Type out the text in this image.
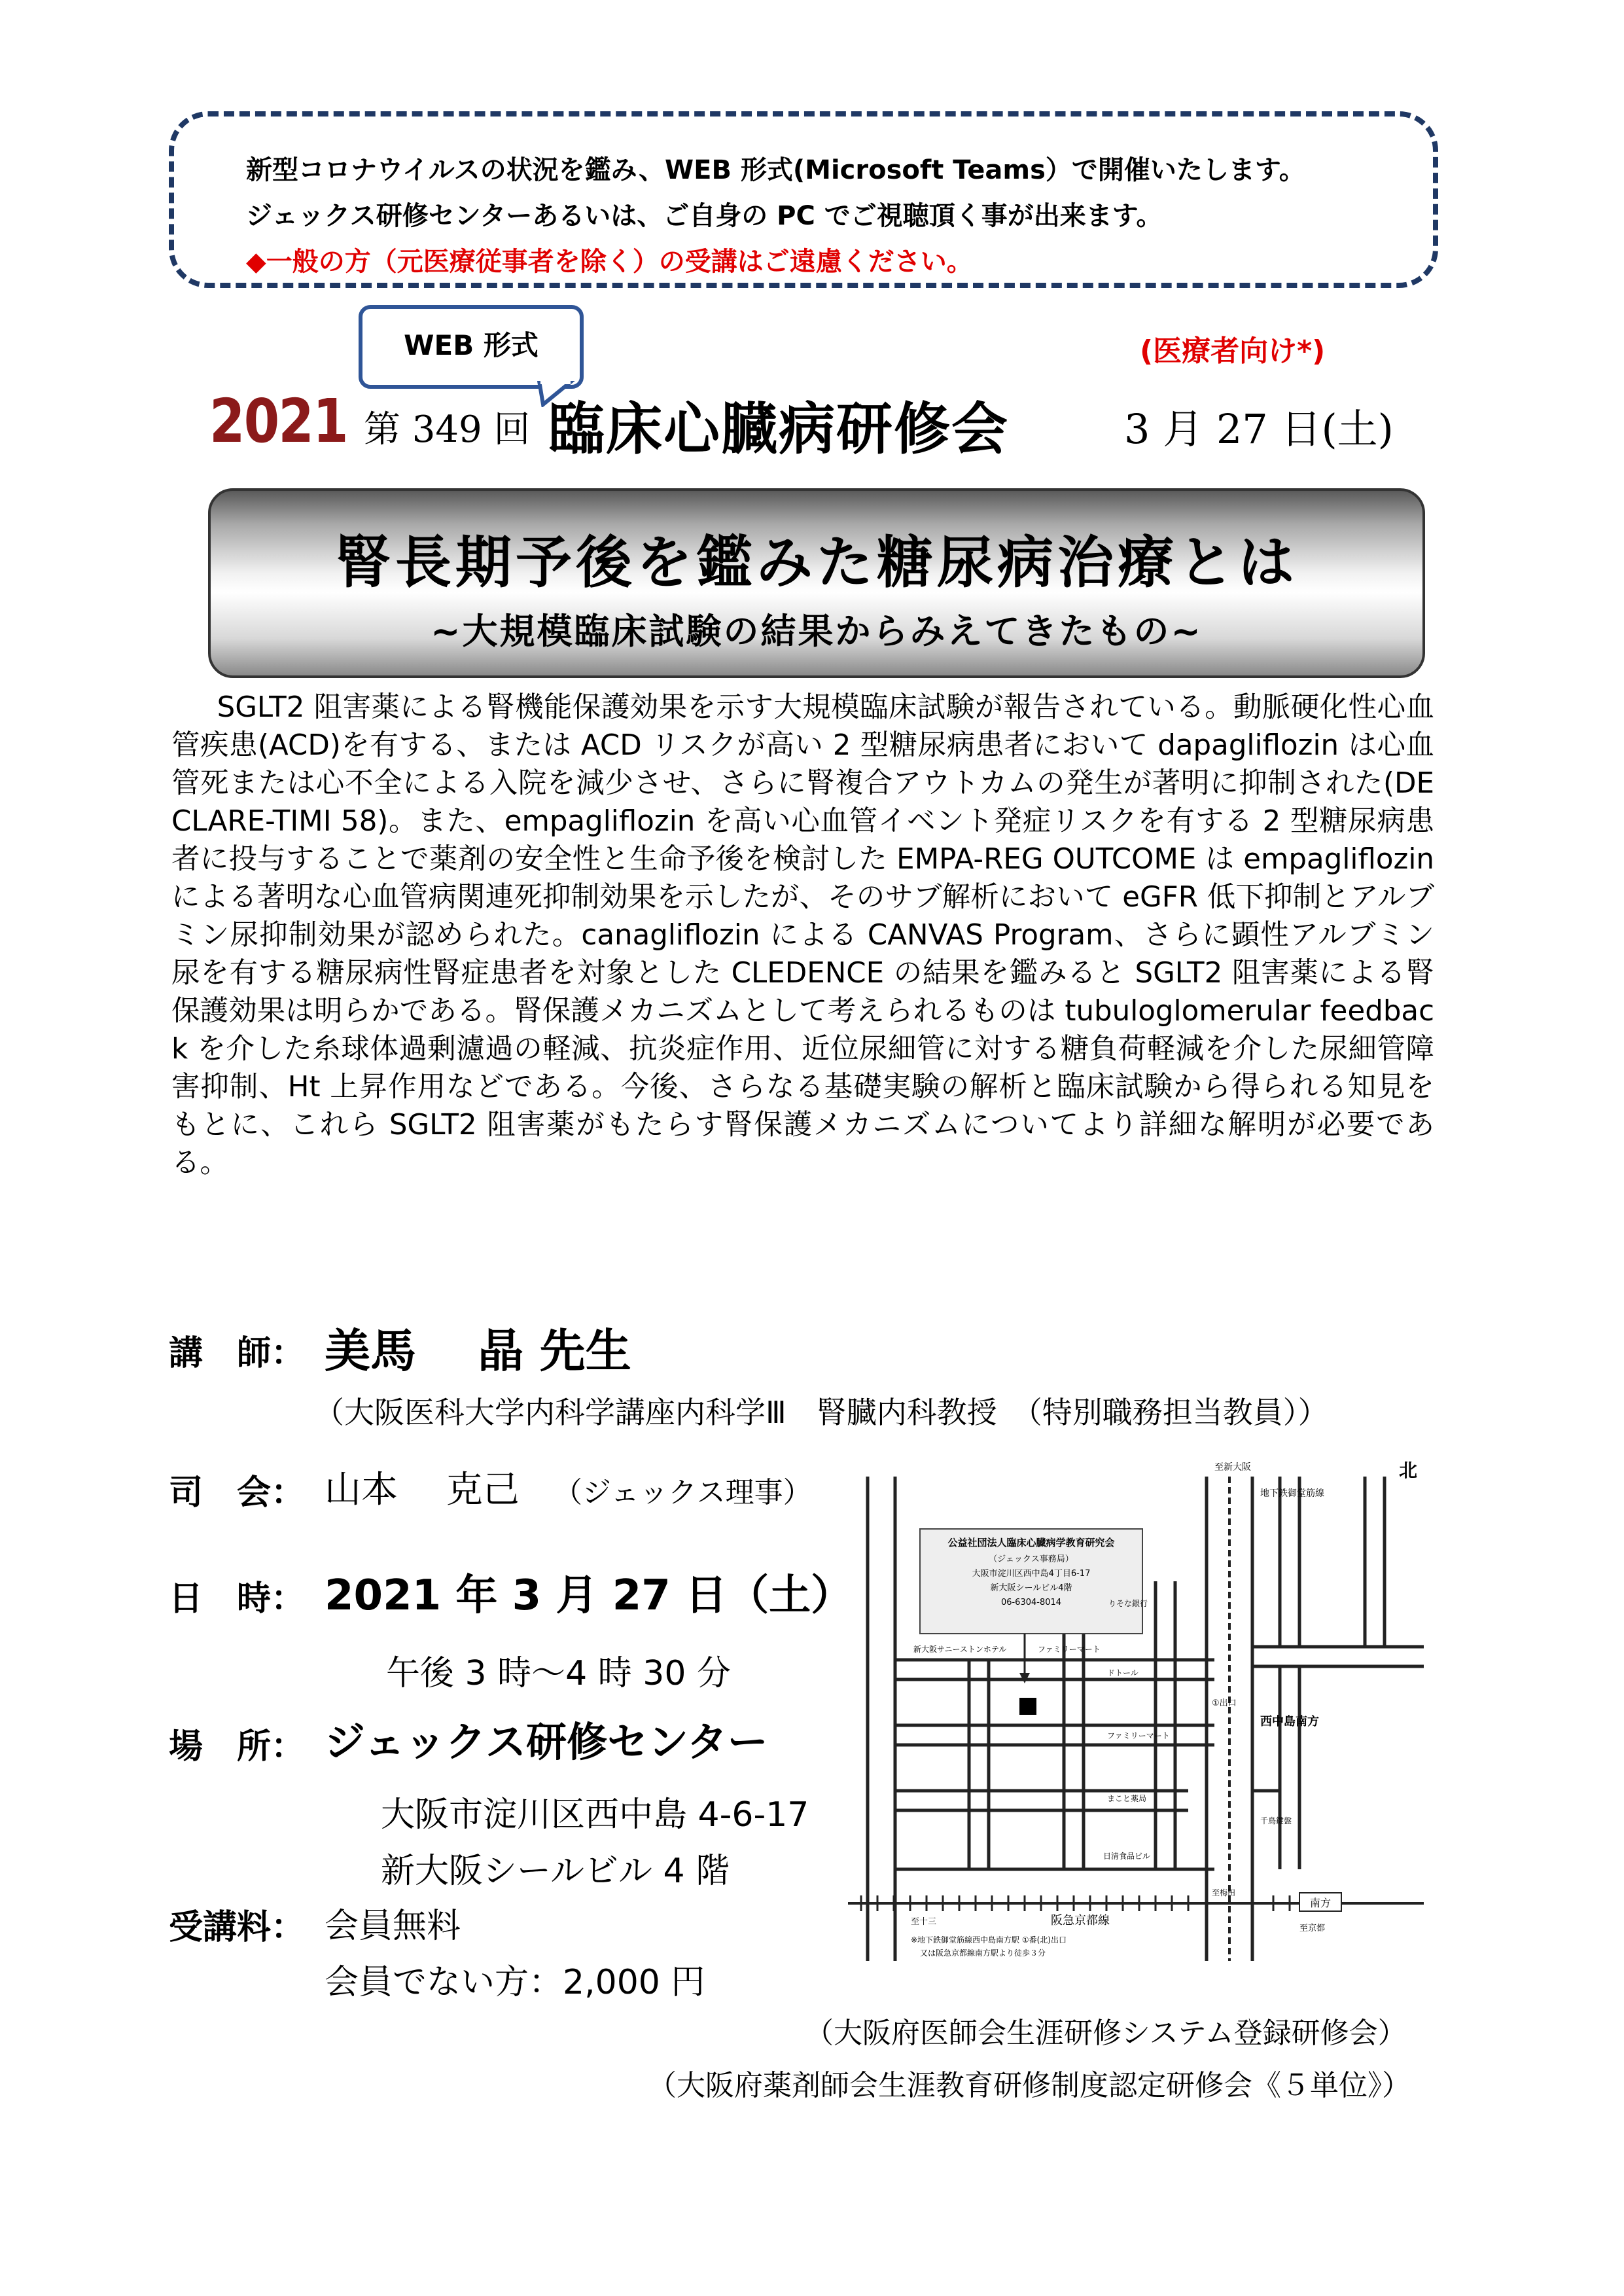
新型コロナウイルスの状況を鑑み、WEB 形式(Microsoft Teams）で開催いたします。
ジェックス研修センターあるいは、ご自身の PC でご視聴頂く事が出来ます。
◆一般の方（元医療従事者を除く）の受講はご遠慮ください。
WEB 形式	(医療者向け*)
2021 第 349 回 臨床心臓病研修会	3 月 27 日(土)
腎長期予後を鑑みた糖尿病治療とは
~大規模臨床試験の結果からみえてきたもの~
SGLT2 阻害薬による腎機能保護効果を示す大規模臨床試験が報告されている。動脈硬化性心血管疾患(ACD)を有する、または ACD リスクが高い 2 型糖尿病患者において dapagliflozin は心血管死または心不全による入院を減少させ、さらに腎複合アウトカムの発生が著明に抑制された(DECLARE-TIMI 58)。また、empagliflozin を高い心血管イベント発症リスクを有する 2 型糖尿病患者に投与することで薬剤の安全性と生命予後を検討した EMPA-REG OUTCOME は empagliflozin による著明な心血管病関連死抑制効果を示したが、そのサブ解析において eGFR 低下抑制とアルブミン尿抑制効果が認められた。canagliflozin による CANVAS Program、さらに顕性アルブミン尿を有する糖尿病性腎症患者を対象とした CLEDENCE の結果を鑑みると SGLT2 阻害薬による腎保護効果は明らかである。腎保護メカニズムとして考えられるものは tubuloglomerular feedback を介した糸球体過剰濾過の軽減、抗炎症作用、近位尿細管に対する糖負荷軽減を介した尿細管障害抑制、Ht 上昇作用などである。今後、さらなる基礎実験の解析と臨床試験から得られる知見をもとに、これら SGLT2 阻害薬がもたらす腎保護メカニズムについてより詳細な解明が必要である。
講　師： 美馬　 晶 先生
（大阪医科大学内科学講座内科学Ⅲ　腎臓内科教授　（特別職務担当教員））
司　会： 山本　 克己 （ジェックス理事）
日　時： 2021 年 3 月 27 日（土）
午後 3 時～4 時 30 分
場　所： ジェックス研修センター
大阪市淀川区西中島 4-6-17
新大阪シールビル 4 階
受講料： 会員無料
会員でない方：2,000 円
（大阪府医師会生涯研修システム登録研修会）
（大阪府薬剤師会生涯教育研修制度認定研修会《５単位》）
公益社団法人臨床心臓病学教育研究会
（ジェックス事務局）
大阪市淀川区西中島4丁目6-17
新大阪シールビル4階
06-6304-8014
北
至新大阪
地下鉄御堂筋線
西中島南方
①出口
りそな銀行
ドトール
ファミリーマート
ファミリーマート
新大阪サニーストンホテル
まこと薬局
千鳥鍵盤
日清食品ビル
至梅田
南方
至京都
至十三	阪急京都線
※地下鉄御堂筋線西中島南方駅 ①番(北)出口
又は阪急京都線南方駅より徒歩３分
